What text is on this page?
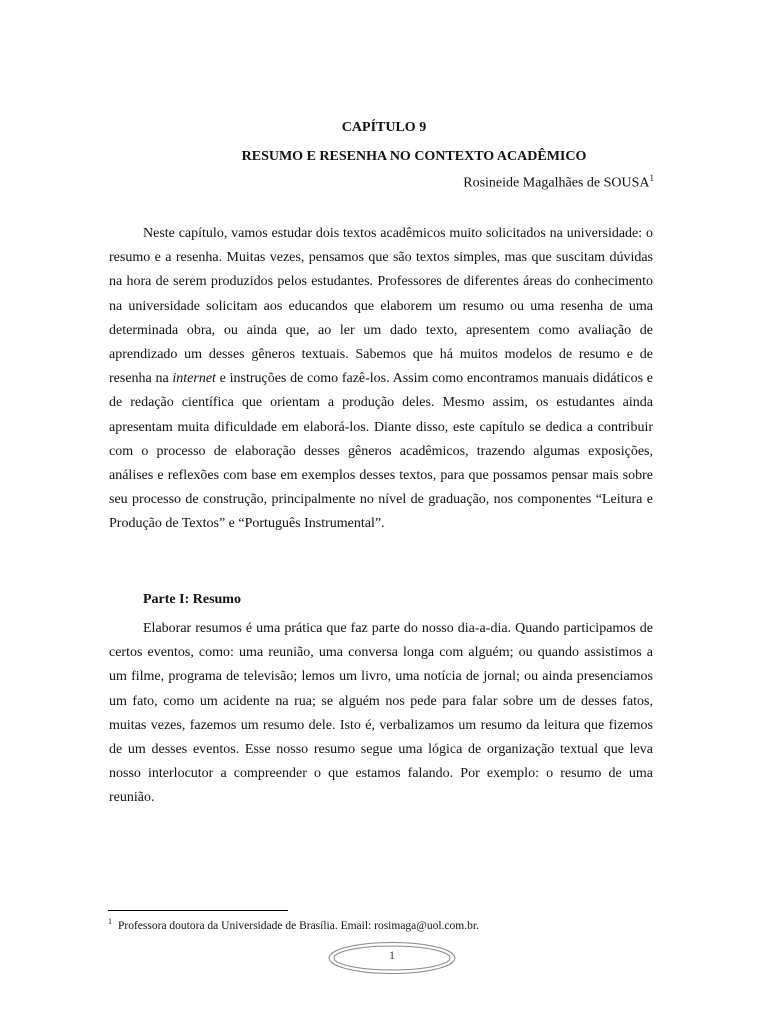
CAPÍTULO 9
RESUMO E RESENHA NO CONTEXTO ACADÊMICO
Rosineide Magalhães de SOUSA$^1$

Neste capítulo, vamos estudar dois textos acadêmicos muito solicitados na universidade: o resumo e a resenha. Muitas vezes, pensamos que são textos simples, mas que suscitam dúvidas na hora de serem produzidos pelos estudantes. Professores de diferentes áreas do conhecimento na universidade solicitam aos educandos que elaborem um resumo ou uma resenha de uma determinada obra, ou ainda que, ao ler um dado texto, apresentem como avaliação de aprendizado um desses gêneros textuais. Sabemos que há muitos modelos de resumo e de resenha na internet e instruções de como fazê-los. Assim como encontramos manuais didáticos e de redação científica que orientam a produção deles. Mesmo assim, os estudantes ainda apresentam muita dificuldade em elaborá-los. Diante disso, este capítulo se dedica a contribuir com o processo de elaboração desses gêneros acadêmicos, trazendo algumas exposições, análises e reflexões com base em exemplos desses textos, para que possamos pensar mais sobre seu processo de construção, principalmente no nível de graduação, nos componentes “Leitura e Produção de Textos” e “Português Instrumental”.

Parte I: Resumo

Elaborar resumos é uma prática que faz parte do nosso dia-a-dia. Quando participamos de certos eventos, como: uma reunião, uma conversa longa com alguém; ou quando assistimos a um filme, programa de televisão; lemos um livro, uma notícia de jornal; ou ainda presenciamos um fato, como um acidente na rua; se alguém nos pede para falar sobre um de desses fatos, muitas vezes, fazemos um resumo dele. Isto é, verbalizamos um resumo da leitura que fizemos de um desses eventos. Esse nosso resumo segue uma lógica de organização textual que leva nosso interlocutor a compreender o que estamos falando. Por exemplo: o resumo de uma reunião.

$^1$ Professora doutora da Universidade de Brasília. Email: rosimaga@uol.com.br.
1
